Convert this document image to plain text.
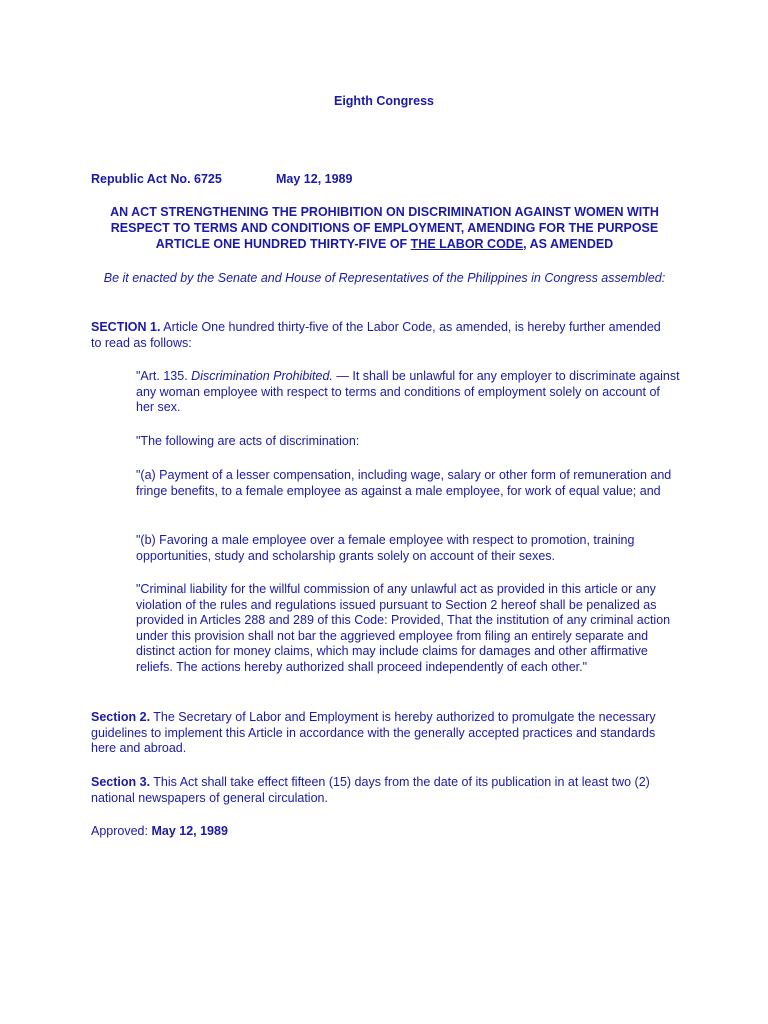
Eighth Congress
Republic Act No. 6725	May 12, 1989
AN ACT STRENGTHENING THE PROHIBITION ON DISCRIMINATION AGAINST WOMEN WITH RESPECT TO TERMS AND CONDITIONS OF EMPLOYMENT, AMENDING FOR THE PURPOSE ARTICLE ONE HUNDRED THIRTY-FIVE OF THE LABOR CODE, AS AMENDED
Be it enacted by the Senate and House of Representatives of the Philippines in Congress assembled:

SECTION 1. Article One hundred thirty-five of the Labor Code, as amended, is hereby further amended to read as follows:

"Art. 135. Discrimination Prohibited. — It shall be unlawful for any employer to discriminate against any woman employee with respect to terms and conditions of employment solely on account of her sex.

"The following are acts of discrimination:

"(a) Payment of a lesser compensation, including wage, salary or other form of remuneration and fringe benefits, to a female employee as against a male employee, for work of equal value; and

"(b) Favoring a male employee over a female employee with respect to promotion, training opportunities, study and scholarship grants solely on account of their sexes.

"Criminal liability for the willful commission of any unlawful act as provided in this article or any violation of the rules and regulations issued pursuant to Section 2 hereof shall be penalized as provided in Articles 288 and 289 of this Code: Provided, That the institution of any criminal action under this provision shall not bar the aggrieved employee from filing an entirely separate and distinct action for money claims, which may include claims for damages and other affirmative reliefs. The actions hereby authorized shall proceed independently of each other."

Section 2. The Secretary of Labor and Employment is hereby authorized to promulgate the necessary guidelines to implement this Article in accordance with the generally accepted practices and standards here and abroad.

Section 3. This Act shall take effect fifteen (15) days from the date of its publication in at least two (2) national newspapers of general circulation.

Approved: May 12, 1989
